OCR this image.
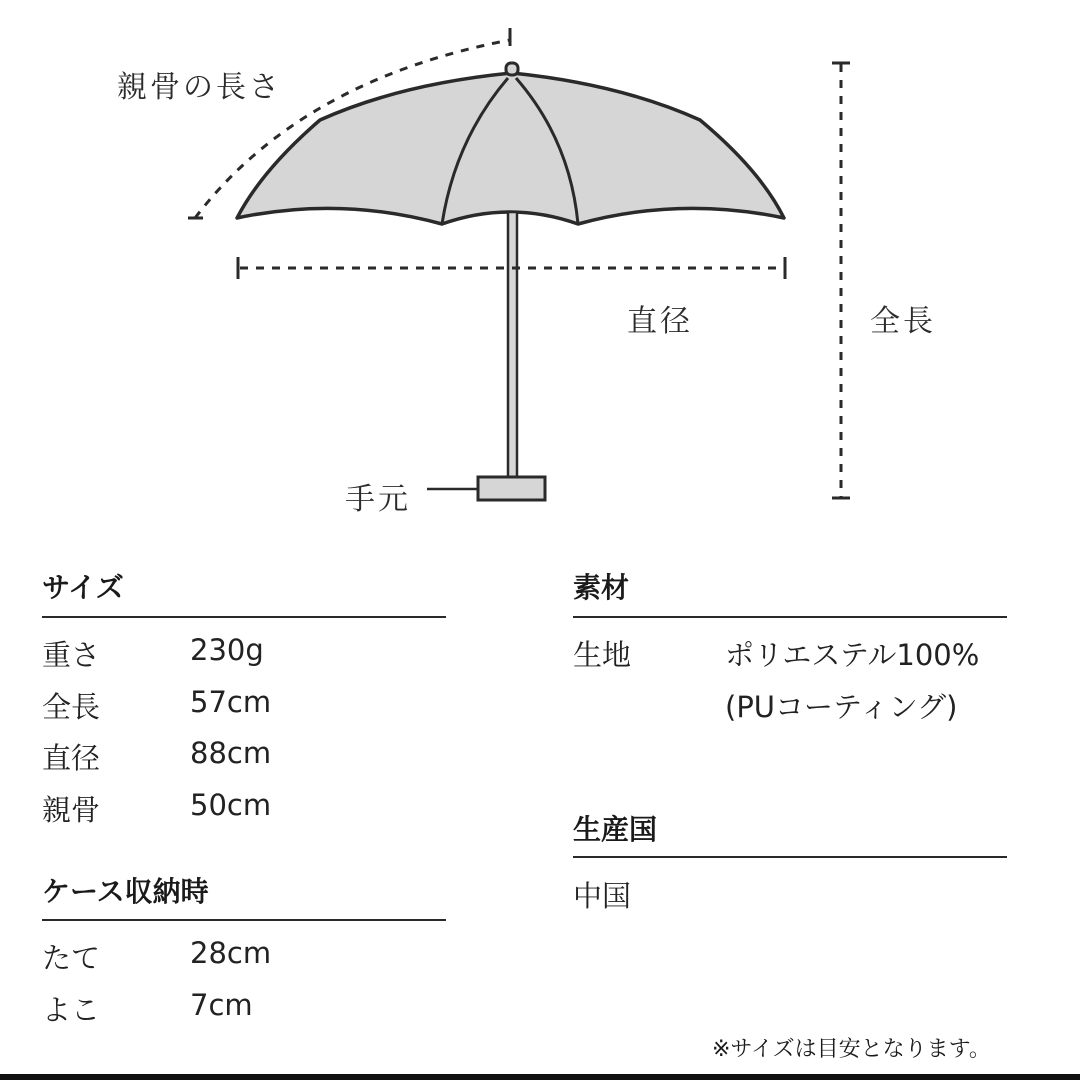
親骨の長さ
直径	全長
手元
サイズ
重さ	230g
全長	57cm
直径	88cm
親骨	50cm
ケース収納時
たて	28cm
よこ	7cm
素材
生地	ポリエステル100%
(PUコーティング)
生産国
中国
※サイズは目安となります。
